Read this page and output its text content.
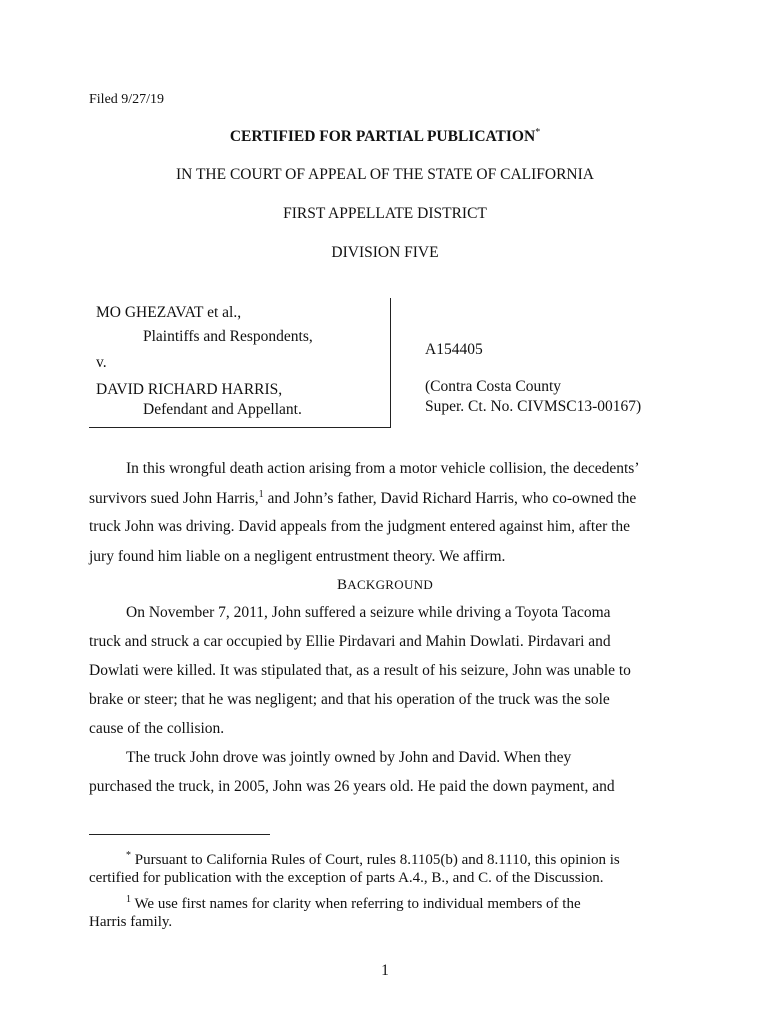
Filed 9/27/19
CERTIFIED FOR PARTIAL PUBLICATION*
IN THE COURT OF APPEAL OF THE STATE OF CALIFORNIA
FIRST APPELLATE DISTRICT
DIVISION FIVE
MO GHEZAVAT et al.,
Plaintiffs and Respondents,
v.
DAVID RICHARD HARRIS,
Defendant and Appellant.
A154405
(Contra Costa County
Super. Ct. No. CIVMSC13-00167)
In this wrongful death action arising from a motor vehicle collision, the decedents’
survivors sued John Harris,$^1$ and John’s father, David Richard Harris, who co-owned the
truck John was driving. David appeals from the judgment entered against him, after the
jury found him liable on a negligent entrustment theory. We affirm.
BACKGROUND
On November 7, 2011, John suffered a seizure while driving a Toyota Tacoma
truck and struck a car occupied by Ellie Pirdavari and Mahin Dowlati. Pirdavari and
Dowlati were killed. It was stipulated that, as a result of his seizure, John was unable to
brake or steer; that he was negligent; and that his operation of the truck was the sole
cause of the collision.
The truck John drove was jointly owned by John and David. When they
purchased the truck, in 2005, John was 26 years old. He paid the down payment, and
* Pursuant to California Rules of Court, rules 8.1105(b) and 8.1110, this opinion is
certified for publication with the exception of parts A.4., B., and C. of the Discussion.
$^1$ We use first names for clarity when referring to individual members of the
Harris family.
1
